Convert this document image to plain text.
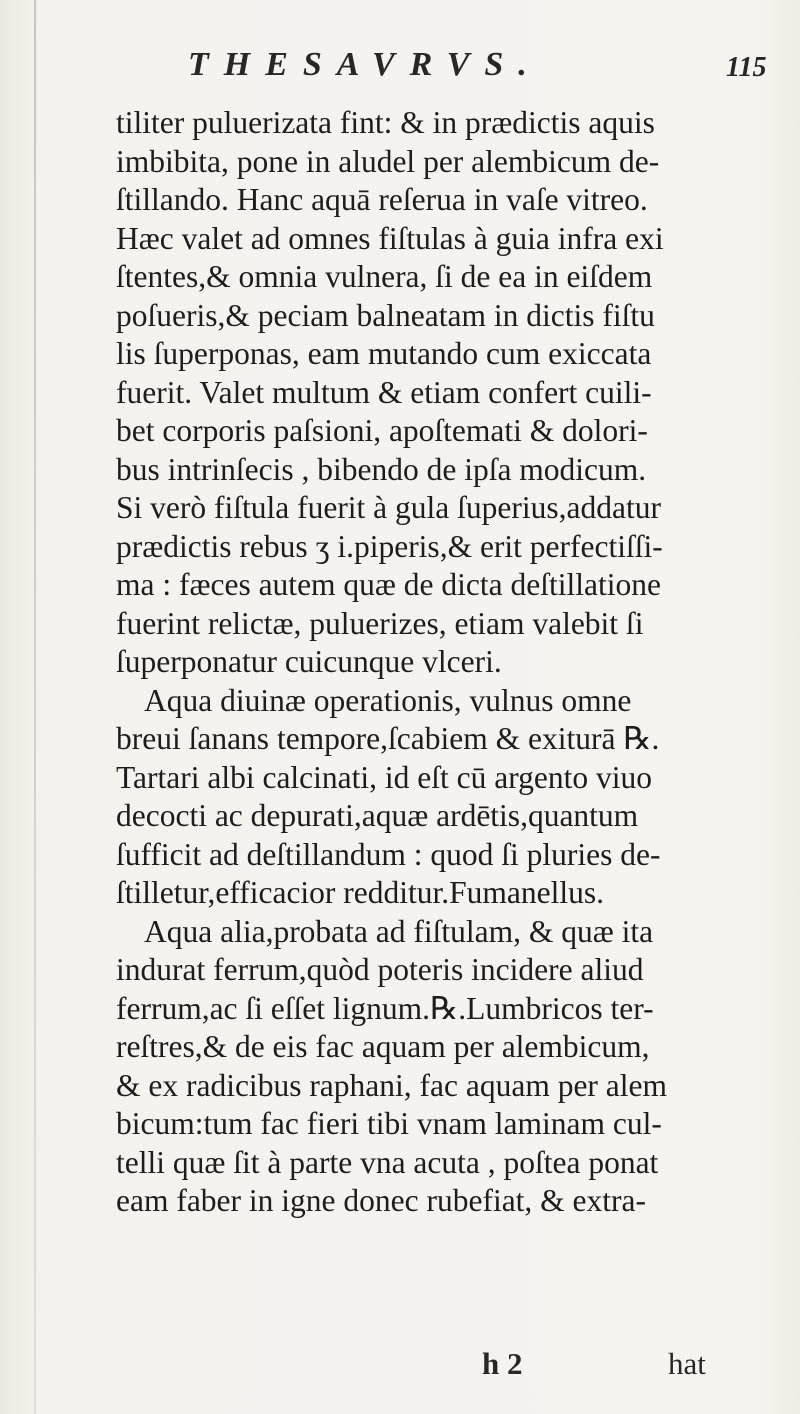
THESAVRVS.	115
tiliter puluerizata fint: & in prædictis aquis
imbibita, pone in aludel per alembicum de-
ſtillando. Hanc aquā reſerua in vaſe vitreo.
Hæc valet ad omnes fiſtulas à guia infra exi
ſtentes,& omnia vulnera, ſi de ea in eiſdem
poſueris,& peciam balneatam in dictis fiſtu
lis ſuperponas, eam mutando cum exiccata
fuerit. Valet multum & etiam confert cuili-
bet corporis paſsioni, apoſtemati & dolori-
bus intrinſecis , bibendo de ipſa modicum.
Si verò fiſtula fuerit à gula ſuperius,addatur
prædictis rebus ʒ i.piperis,& erit perfectiſſi-
ma : fæces autem quæ de dicta deſtillatione
fuerint relictæ, puluerizes, etiam valebit ſi
ſuperponatur cuicunque vlceri.
Aqua diuinæ operationis, vulnus omne
breui ſanans tempore,ſcabiem & exiturā ℞.
Tartari albi calcinati, id eſt cū argento viuo
decocti ac depurati,aquæ ardētis,quantum
ſufficit ad deſtillandum : quod ſi pluries de-
ſtilletur,efficacior redditur.Fumanellus.
Aqua alia,probata ad fiſtulam, & quæ ita
indurat ferrum,quòd poteris incidere aliud
ferrum,ac ſi eſſet lignum.℞.Lumbricos ter-
reſtres,& de eis fac aquam per alembicum,
& ex radicibus raphani, fac aquam per alem
bicum:tum fac fieri tibi vnam laminam cul-
telli quæ ſit à parte vna acuta , poſtea ponat
eam faber in igne donec rubefiat, & extra-
h 2	hat
